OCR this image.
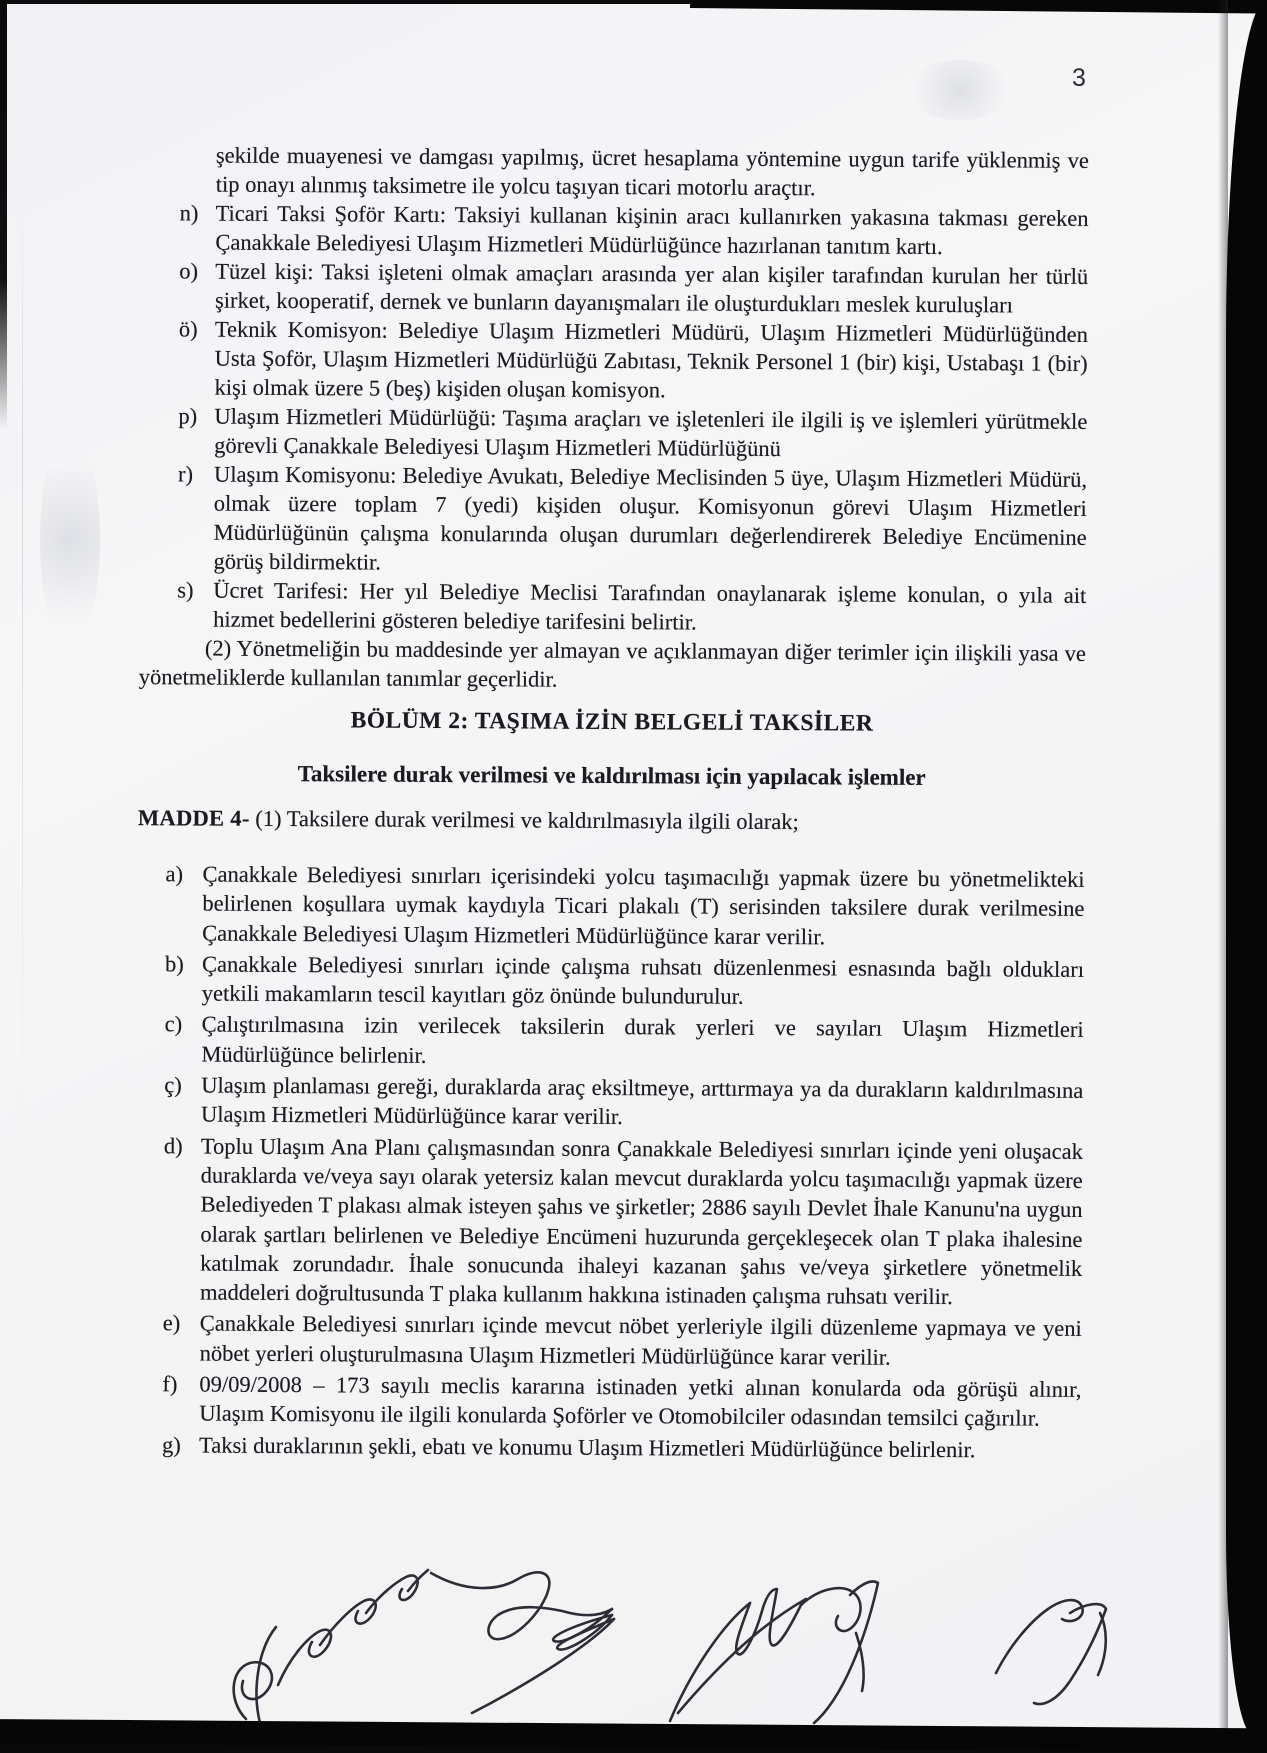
3

şekilde muayenesi ve damgası yapılmış, ücret hesaplama yöntemine uygun tarife yüklenmiş ve tip onayı alınmış taksimetre ile yolcu taşıyan ticari motorlu araçtır.

n) Ticari Taksi Şoför Kartı: Taksiyi kullanan kişinin aracı kullanırken yakasına takması gereken Çanakkale Belediyesi Ulaşım Hizmetleri Müdürlüğünce hazırlanan tanıtım kartı.
o) Tüzel kişi: Taksi işleteni olmak amaçları arasında yer alan kişiler tarafından kurulan her türlü şirket, kooperatif, dernek ve bunların dayanışmaları ile oluşturdukları meslek kuruluşları
ö) Teknik Komisyon: Belediye Ulaşım Hizmetleri Müdürü, Ulaşım Hizmetleri Müdürlüğünden Usta Şoför, Ulaşım Hizmetleri Müdürlüğü Zabıtası, Teknik Personel 1 (bir) kişi, Ustabaşı 1 (bir) kişi olmak üzere 5 (beş) kişiden oluşan komisyon.
p) Ulaşım Hizmetleri Müdürlüğü: Taşıma araçları ve işletenleri ile ilgili iş ve işlemleri yürütmekle görevli Çanakkale Belediyesi Ulaşım Hizmetleri Müdürlüğünü
r) Ulaşım Komisyonu: Belediye Avukatı, Belediye Meclisinden 5 üye, Ulaşım Hizmetleri Müdürü, olmak üzere toplam 7 (yedi) kişiden oluşur. Komisyonun görevi Ulaşım Hizmetleri Müdürlüğünün çalışma konularında oluşan durumları değerlendirerek Belediye Encümenine görüş bildirmektir.
s) Ücret Tarifesi: Her yıl Belediye Meclisi Tarafından onaylanarak işleme konulan, o yıla ait hizmet bedellerini gösteren belediye tarifesini belirtir.

(2) Yönetmeliğin bu maddesinde yer almayan ve açıklanmayan diğer terimler için ilişkili yasa ve yönetmeliklerde kullanılan tanımlar geçerlidir.

BÖLÜM 2: TAŞIMA İZİN BELGELİ TAKSİLER
Taksilere durak verilmesi ve kaldırılması için yapılacak işlemler

MADDE 4- (1) Taksilere durak verilmesi ve kaldırılmasıyla ilgili olarak;

a) Çanakkale Belediyesi sınırları içerisindeki yolcu taşımacılığı yapmak üzere bu yönetmelikteki belirlenen koşullara uymak kaydıyla Ticari plakalı (T) serisinden taksilere durak verilmesine Çanakkale Belediyesi Ulaşım Hizmetleri Müdürlüğünce karar verilir.
b) Çanakkale Belediyesi sınırları içinde çalışma ruhsatı düzenlenmesi esnasında bağlı oldukları yetkili makamların tescil kayıtları göz önünde bulundurulur.
c) Çalıştırılmasına izin verilecek taksilerin durak yerleri ve sayıları Ulaşım Hizmetleri Müdürlüğünce belirlenir.
ç) Ulaşım planlaması gereği, duraklarda araç eksiltmeye, arttırmaya ya da durakların kaldırılmasına Ulaşım Hizmetleri Müdürlüğünce karar verilir.
d) Toplu Ulaşım Ana Planı çalışmasından sonra Çanakkale Belediyesi sınırları içinde yeni oluşacak duraklarda ve/veya sayı olarak yetersiz kalan mevcut duraklarda yolcu taşımacılığı yapmak üzere Belediyeden T plakası almak isteyen şahıs ve şirketler; 2886 sayılı Devlet İhale Kanunu'na uygun olarak şartları belirlenen ve Belediye Encümeni huzurunda gerçekleşecek olan T plaka ihalesine katılmak zorundadır. İhale sonucunda ihaleyi kazanan şahıs ve/veya şirketlere yönetmelik maddeleri doğrultusunda T plaka kullanım hakkına istinaden çalışma ruhsatı verilir.
e) Çanakkale Belediyesi sınırları içinde mevcut nöbet yerleriyle ilgili düzenleme yapmaya ve yeni nöbet yerleri oluşturulmasına Ulaşım Hizmetleri Müdürlüğünce karar verilir.
f) 09/09/2008 – 173 sayılı meclis kararına istinaden yetki alınan konularda oda görüşü alınır, Ulaşım Komisyonu ile ilgili konularda Şoförler ve Otomobilciler odasından temsilci çağırılır.
g) Taksi duraklarının şekli, ebatı ve konumu Ulaşım Hizmetleri Müdürlüğünce belirlenir.
